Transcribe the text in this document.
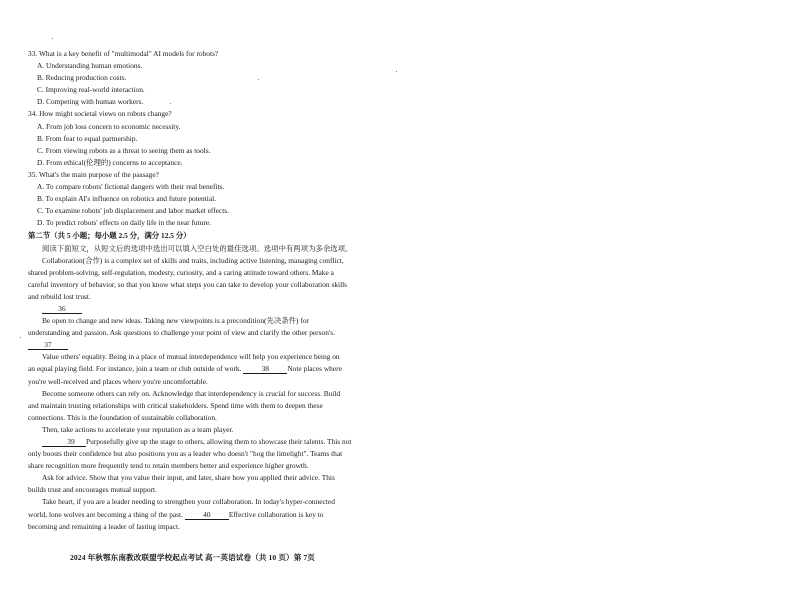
33. What is a key benefit of "multimodal" AI models for robots?
A. Understanding human emotions.
B. Reducing production costs.
C. Improving real-world interaction.
D. Competing with human workers.
34. How might societal views on robots change?
A. From job loss concern to economic necessity.
B. From fear to equal partnership.
C. From viewing robots as a threat to seeing them as tools.
D. From ethical(伦理的) concerns to acceptance.
35. What's the main purpose of the passage?
A. To compare robots' fictional dangers with their real benefits.
B. To explain AI's influence on robotics and future potential.
C. To examine robots' job displacement and labor market effects.
D. To predict robots' effects on daily life in the near future.
第二节（共 5 小题；每小题 2.5 分，满分 12.5 分）
阅读下面短文，从短文后的选项中选出可以填入空白处的最佳选项。选项中有两项为多余选项。

Collaboration(合作) is a complex set of skills and traits, including active listening, managing conflict,
shared problem-solving, self-regulation, modesty, curiosity, and a caring attitude toward others. Make a
careful inventory of behavior, so that you know what steps you can take to develop your collaboration skills
and rebuild lost trust.

36

Be open to change and new ideas. Taking new viewpoints is a precondition(先决条件) for
understanding and passion. Ask questions to challenge your point of view and clarify the other person's.

37

Value others' equality. Being in a place of mutual interdependence will help you experience being on
an equal playing field. For instance, join a team or club outside of work.	38 Note places where
you're well-received and places where you're uncomfortable.

Become someone others can rely on. Acknowledge that interdependency is crucial for success. Build
and maintain trusting relationships with critical stakeholders. Spend time with them to deepen these
connections. This is the foundation of sustainable collaboration.

Then, take actions to accelerate your reputation as a team player.

39 Purposefully give up the stage to others, allowing them to showcase their talents. This not
only boosts their confidence but also positions you as a leader who doesn't "hog the limelight". Teams that
share recognition more frequently tend to retain members better and experience higher growth.

Ask for advice. Show that you value their input, and later, share how you applied their advice. This
builds trust and encourages mutual support.

Take heart, if you are a leader needing to strengthen your collaboration. In today's hyper-connected
world, lone wolves are becoming a thing of the past.	40 Effective collaboration is key to
becoming and remaining a leader of lasting impact.

2024 年秋鄂东南教改联盟学校起点考试 高一英语试卷（共 10 页）第 7页
